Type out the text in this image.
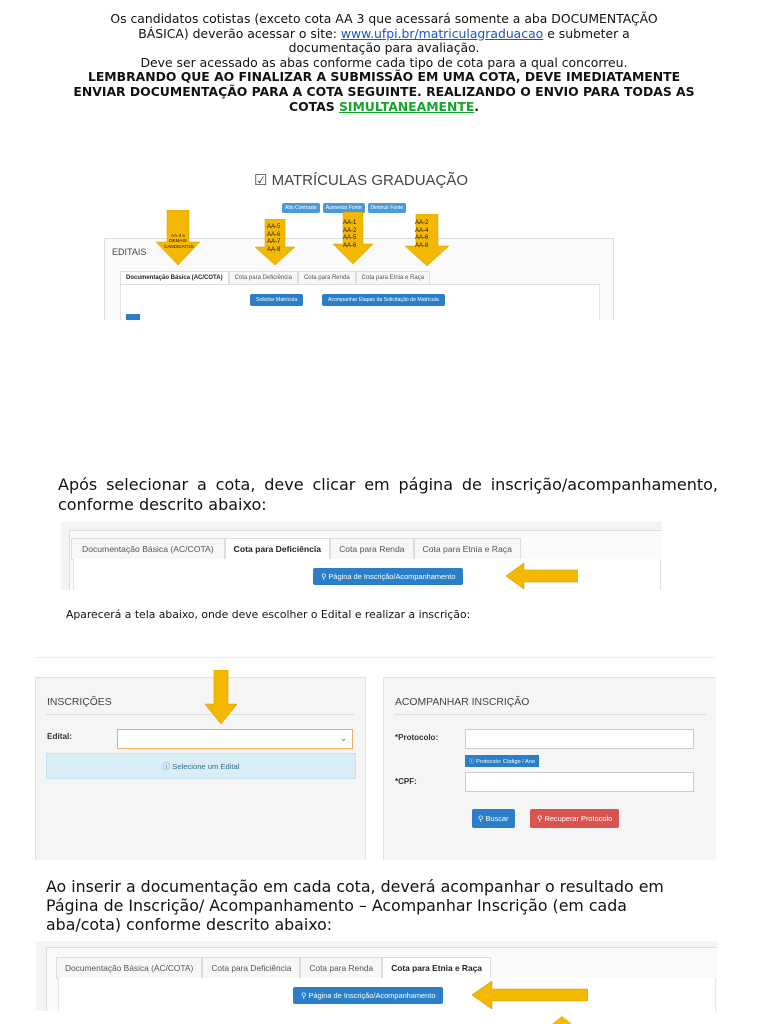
Os candidatos cotistas (exceto cota AA 3 que acessará somente a aba DOCUMENTAÇÃO
BÁSICA) deverão acessar o site: www.ufpi.br/matriculagraduacao e submeter a
documentação para avaliação.
Deve ser acessado as abas conforme cada tipo de cota para a qual concorreu.
LEMBRANDO QUE AO FINALIZAR A SUBMISSÃO EM UMA COTA, DEVE IMEDIATAMENTE
ENVIAR DOCUMENTAÇÃO PARA A COTA SEGUINTE. REALIZANDO O ENVIO PARA TODAS AS
COTAS SIMULTANEAMENTE.
☑ MATRÍCULAS GRADUAÇÃO
Alto Contraste	Aumentar Fonte	Diminuir Fonte
EDITAIS
Documentação Básica (AC/COTA)	Cota para Deficiência	Cota para Renda	Cota para Etnia e Raça
Solicitar Matrícula	Acompanhar Etapas da Solicitação de Matrícula
AA-3 e
DEMAIS
CANDIDATOS
AA-5
AA-6
AA-7
AA-8
AA-1
AA-2
AA-5
AA-6
AA-2
AA-4
AA-6
AA-8
Após selecionar a cota, deve clicar em página de inscrição/acompanhamento,
conforme descrito abaixo:
Documentação Básica (AC/COTA)	Cota para Deficiência	Cota para Renda	Cota para Etnia e Raça
⚲ Página de Inscrição/Acompanhamento
Aparecerá a tela abaixo, onde deve escolher o Edital e realizar a inscrição:
INSCRIÇÕES
Edital:	⌄
ⓘ Selecione um Edital
ACOMPANHAR INSCRIÇÃO
*Protocolo:
ⓘ Protocolo: Código / Ano
*CPF:
⚲ Buscar	⚲ Recuperar Protocolo
Ao inserir a documentação em cada cota, deverá acompanhar o resultado em
Página de Inscrição/ Acompanhamento – Acompanhar Inscrição (em cada
aba/cota) conforme descrito abaixo:
Documentação Básica (AC/COTA)	Cota para Deficiência	Cota para Renda	Cota para Etnia e Raça
⚲ Página de Inscrição/Acompanhamento
